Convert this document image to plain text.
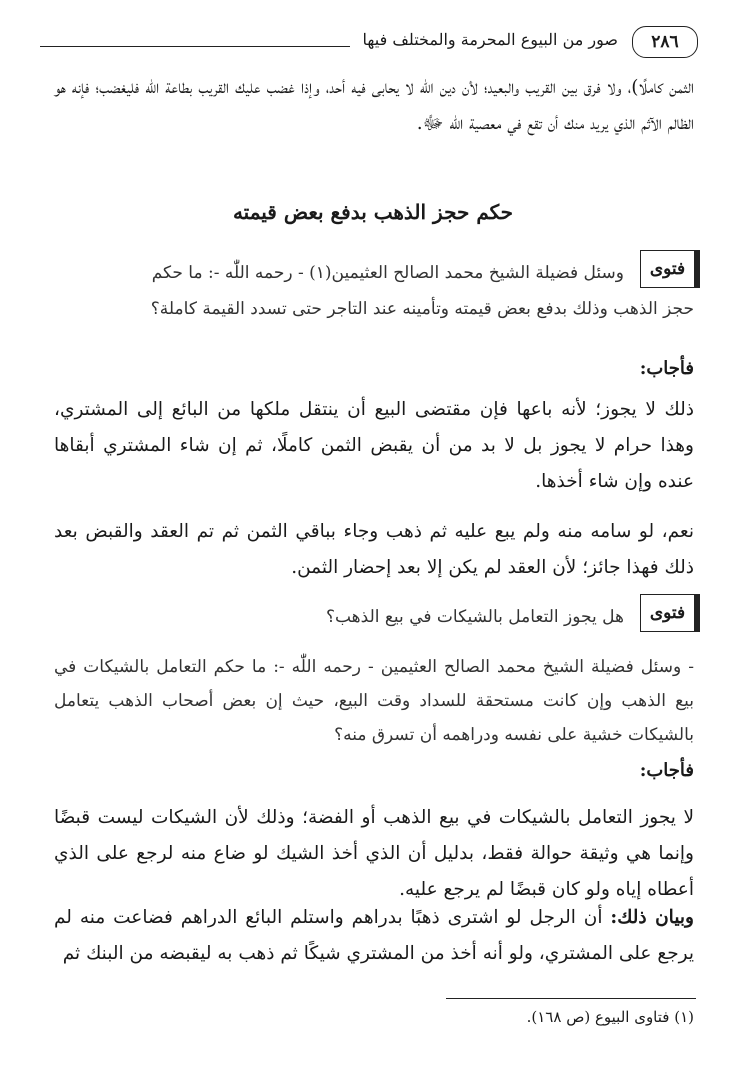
٢٨٦
صور من البيوع المحرمة والمختلف فيها
الثمن كاملًا)، ولا فرق بين القريب والبعيد؛ لأن دين اللّٰه لا يحابى فيه أحد، وإذا غضب عليك القريب بطاعة اللّٰه فليغضب؛ فإنه هو الظالم الآثم الذي يريد منك أن تقع في معصية اللّٰه ﷻ.
حكم حجز الذهب بدفع بعض قيمته
فتوى
وسئل فضيلة الشيخ محمد الصالح العثيمين(١) - رحمه اللّٰه -: ما حكم
حجز الذهب وذلك بدفع بعض قيمته وتأمينه عند التاجر حتى تسدد القيمة كاملة؟
فأجاب:
ذلك لا يجوز؛ لأنه باعها فإن مقتضى البيع أن ينتقل ملكها من البائع إلى المشتري، وهذا حرام لا يجوز بل لا بد من أن يقبض الثمن كاملًا، ثم إن شاء المشتري أبقاها عنده وإن شاء أخذها.
نعم، لو سامه منه ولم يبع عليه ثم ذهب وجاء بباقي الثمن ثم تم العقد والقبض بعد ذلك فهذا جائز؛ لأن العقد لم يكن إلا بعد إحضار الثمن.
فتوى
هل يجوز التعامل بالشيكات في بيع الذهب؟
- وسئل فضيلة الشيخ محمد الصالح العثيمين - رحمه اللّٰه -: ما حكم التعامل بالشيكات في بيع الذهب وإن كانت مستحقة للسداد وقت البيع، حيث إن بعض أصحاب الذهب يتعامل بالشيكات خشية على نفسه ودراهمه أن تسرق منه؟
فأجاب:
لا يجوز التعامل بالشيكات في بيع الذهب أو الفضة؛ وذلك لأن الشيكات ليست قبضًا وإنما هي وثيقة حوالة فقط، بدليل أن الذي أخذ الشيك لو ضاع منه لرجع على الذي أعطاه إياه ولو كان قبضًا لم يرجع عليه.
وبيان ذلك: أن الرجل لو اشترى ذهبًا بدراهم واستلم البائع الدراهم فضاعت منه لم يرجع على المشتري، ولو أنه أخذ من المشتري شيكًا ثم ذهب به ليقبضه من البنك ثم
(١) فتاوى البيوع (ص ١٦٨).
